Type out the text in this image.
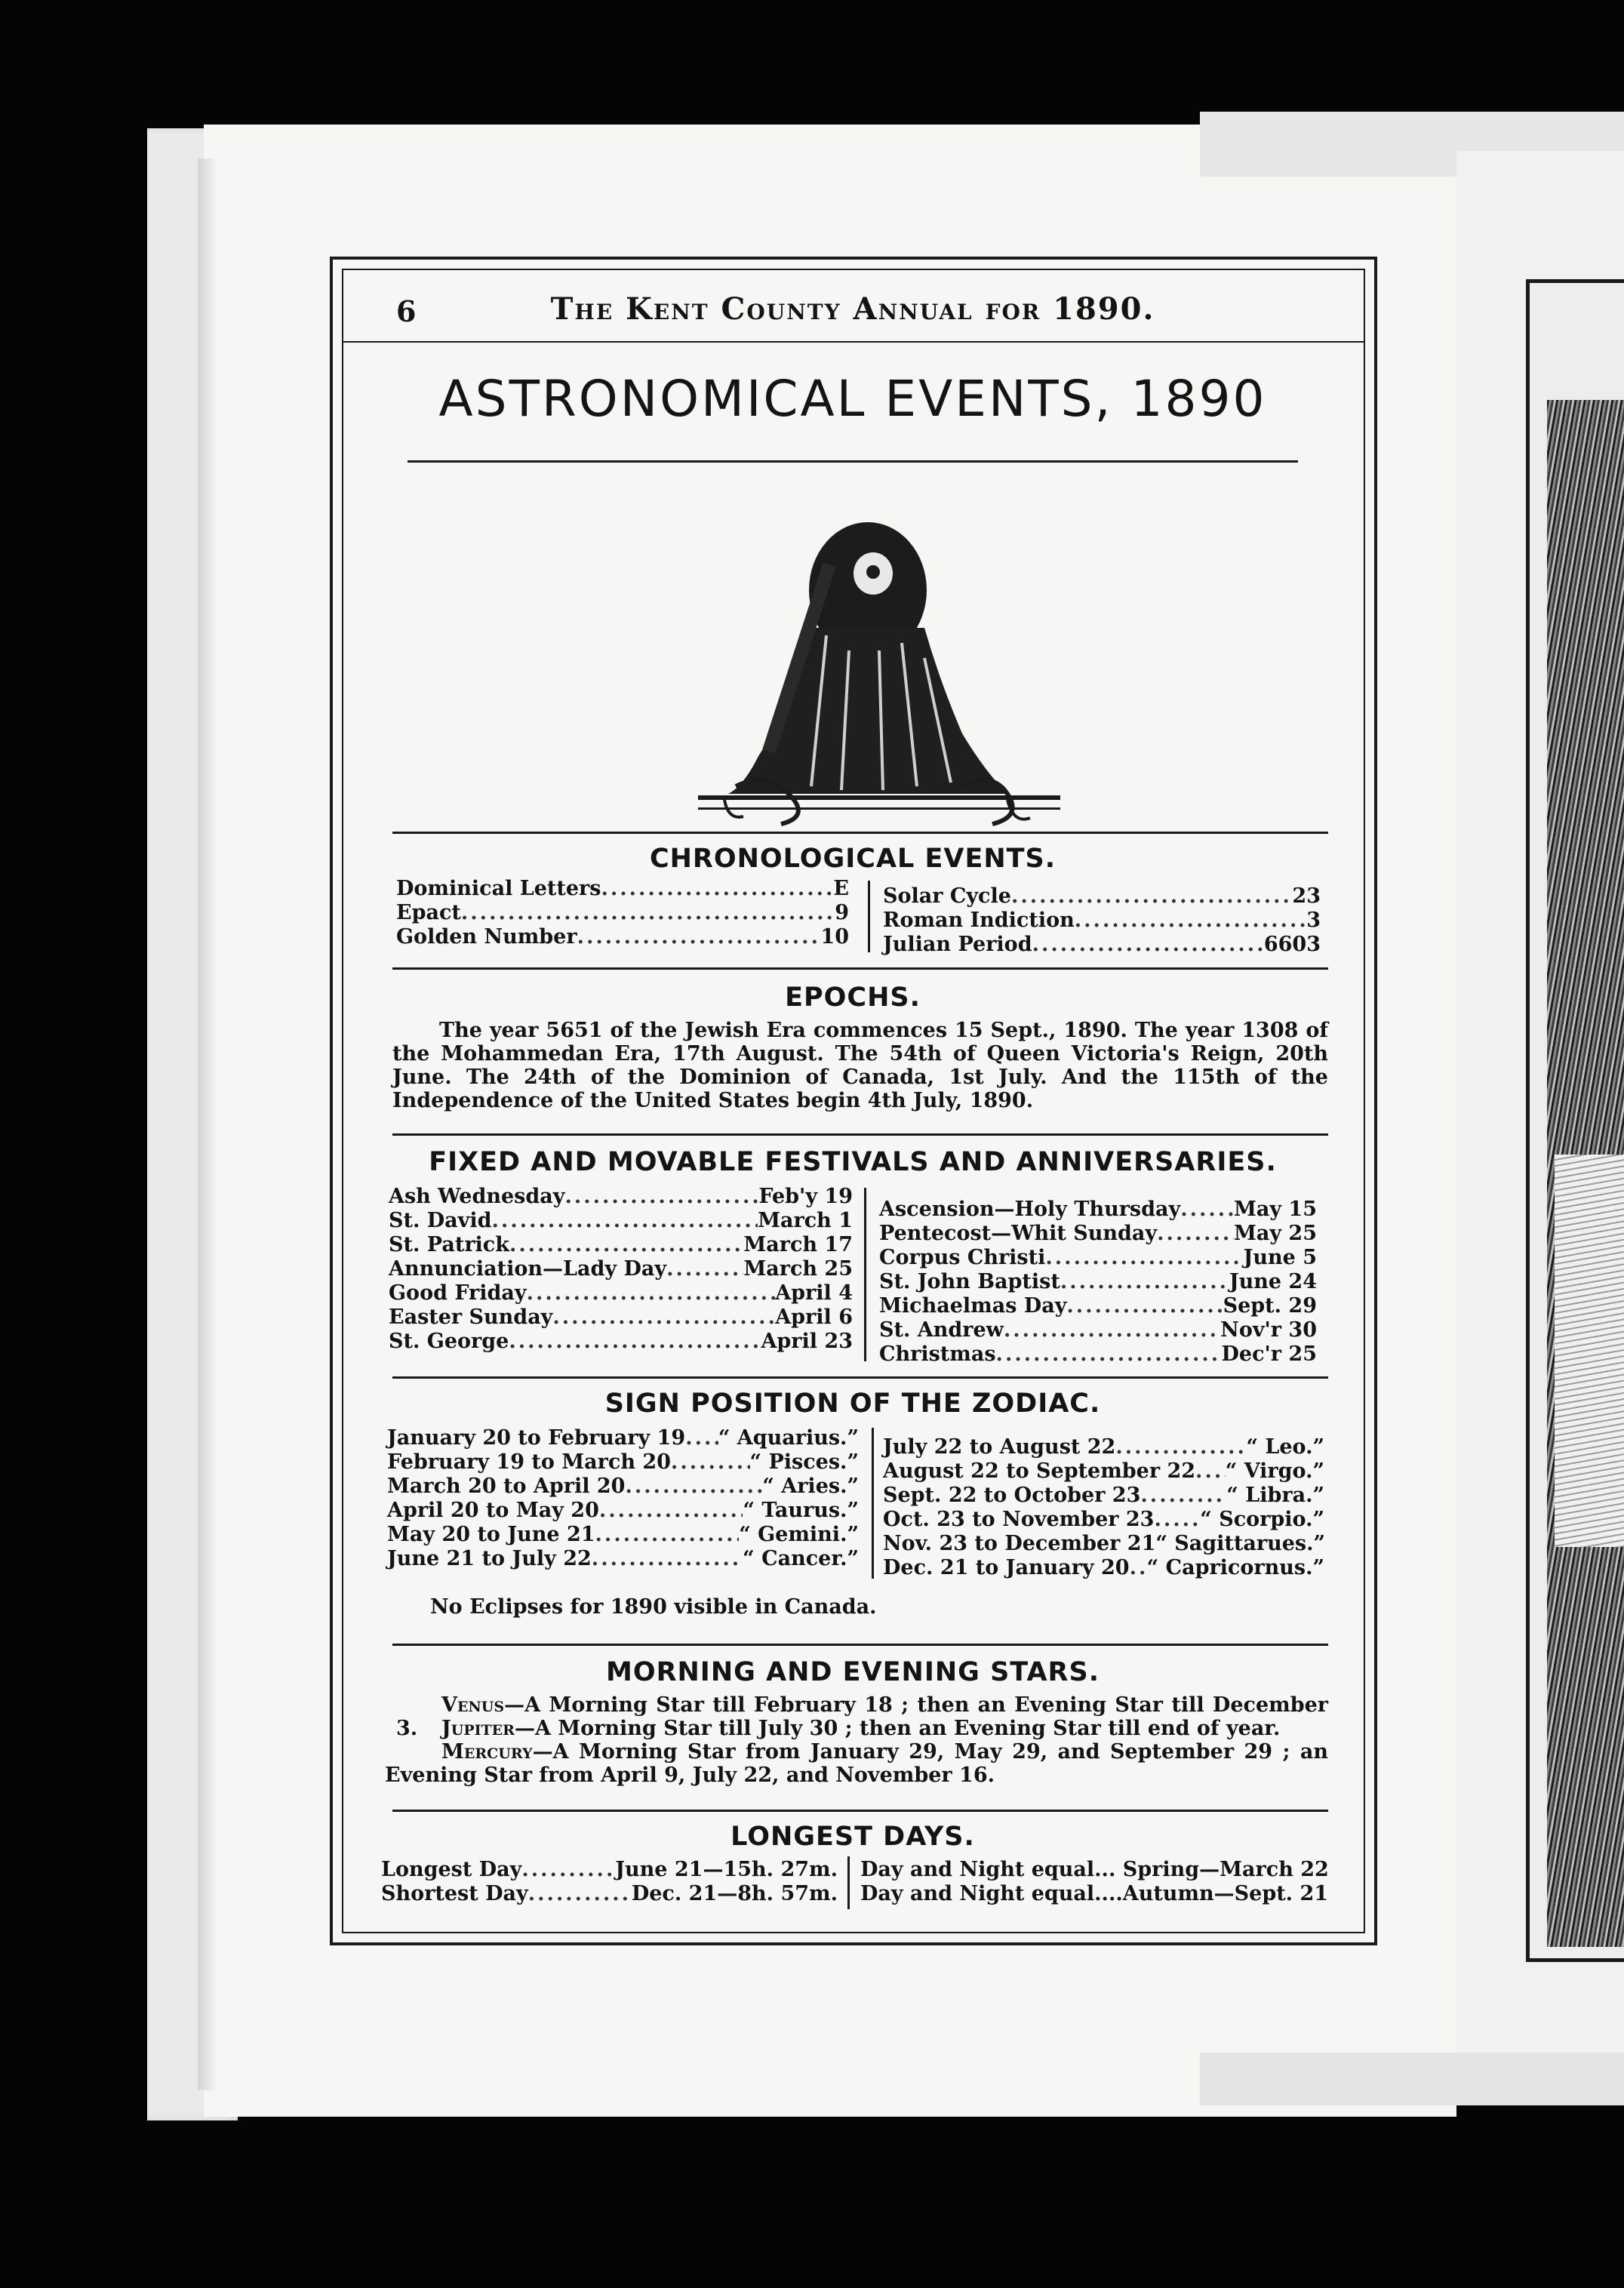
6	The Kent County Annual for 1890.
ASTRONOMICAL EVENTS, 1890
CHRONOLOGICAL EVENTS.
Dominical Letters .....	E
Epact .....	9
Golden Number .....	10
Solar Cycle .....	23
Roman Indiction .....	3
Julian Period .....	6603
EPOCHS.
The year 5651 of the Jewish Era commences 15 Sept., 1890. The year 1308 of the Mohammedan Era, 17th August. The 54th of Queen Victoria's Reign, 20th June. The 24th of the Dominion of Canada, 1st July. And the 115th of the Independence of the United States begin 4th July, 1890.
FIXED AND MOVABLE FESTIVALS AND ANNIVERSARIES.
Ash Wednesday .....	Feb'y 19
St. David .....	March 1
St. Patrick .....	March 17
Annunciation—Lady Day .....	March 25
Good Friday .....	April 4
Easter Sunday .....	April 6
St. George .....	April 23
Ascension—Holy Thursday .....	May 15
Pentecost—Whit Sunday .....	May 25
Corpus Christi .....	June 5
St. John Baptist .....	June 24
Michaelmas Day .....	Sept. 29
St. Andrew .....	Nov'r 30
Christmas .....	Dec'r 25
SIGN POSITION OF THE ZODIAC.
January 20 to February 19 ..... “ Aquarius.”
February 19 to March 20 .....	“ Pisces.”
March 20 to April 20 .....	“ Aries.”
April 20 to May 20 .....	“ Taurus.”
May 20 to June 21 .....	“ Gemini.”
June 21 to July 22 .....	“ Cancer.”
July 22 to August 22 .....	“ Leo.”
August 22 to September 22 ..... “ Virgo.”
Sept. 22 to October 23 .....	“ Libra.”
Oct. 23 to November 23 ..... “ Scorpio.”
Nov. 23 to December 21 “ Sagittarues.”
Dec. 21 to January 20 ..... “ Capricornus.”
No Eclipses for 1890 visible in Canada.
MORNING AND EVENING STARS.
Venus—A Morning Star till February 18 ; then an Evening Star till December 3.	Jupiter—A Morning Star till July 30 ; then an Evening Star till end of year.
Mercury—A Morning Star from January 29, May 29, and September 29 ; an Evening Star from April 9, July 22, and November 16.
LONGEST DAYS.
Longest Day .....	June 21—15h. 27m.
Shortest Day .....	Dec. 21—8h. 57m.
Day and Night equal... Spring —March 22
Day and Night equal....Autumn —Sept. 21
